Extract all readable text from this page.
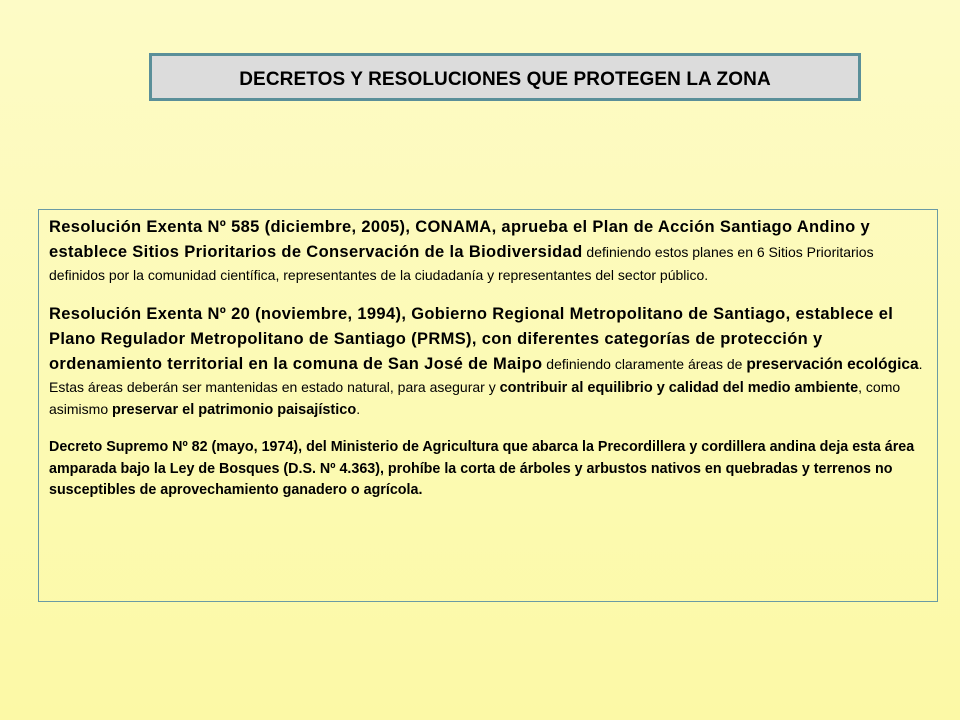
DECRETOS Y RESOLUCIONES QUE PROTEGEN LA ZONA

Resolución Exenta Nº 585 (diciembre, 2005), CONAMA, aprueba el Plan de Acción Santiago Andino y establece Sitios Prioritarios de Conservación de la Biodiversidad definiendo estos planes en 6 Sitios Prioritarios definidos por la comunidad científica, representantes de la ciudadanía y representantes del sector público.

Resolución Exenta Nº 20 (noviembre, 1994), Gobierno Regional Metropolitano de Santiago, establece el Plano Regulador Metropolitano de Santiago (PRMS), con diferentes categorías de protección y ordenamiento territorial en la comuna de San José de Maipo definiendo claramente áreas de preservación ecológica. Estas áreas deberán ser mantenidas en estado natural, para asegurar y contribuir al equilibrio y calidad del medio ambiente, como asimismo preservar el patrimonio paisajístico.

Decreto Supremo Nº 82 (mayo, 1974), del Ministerio de Agricultura que abarca la Precordillera y cordillera andina deja esta área amparada bajo la Ley de Bosques (D.S. Nº 4.363), prohíbe la corta de árboles y arbustos nativos en quebradas y terrenos no susceptibles de aprovechamiento ganadero o agrícola.
